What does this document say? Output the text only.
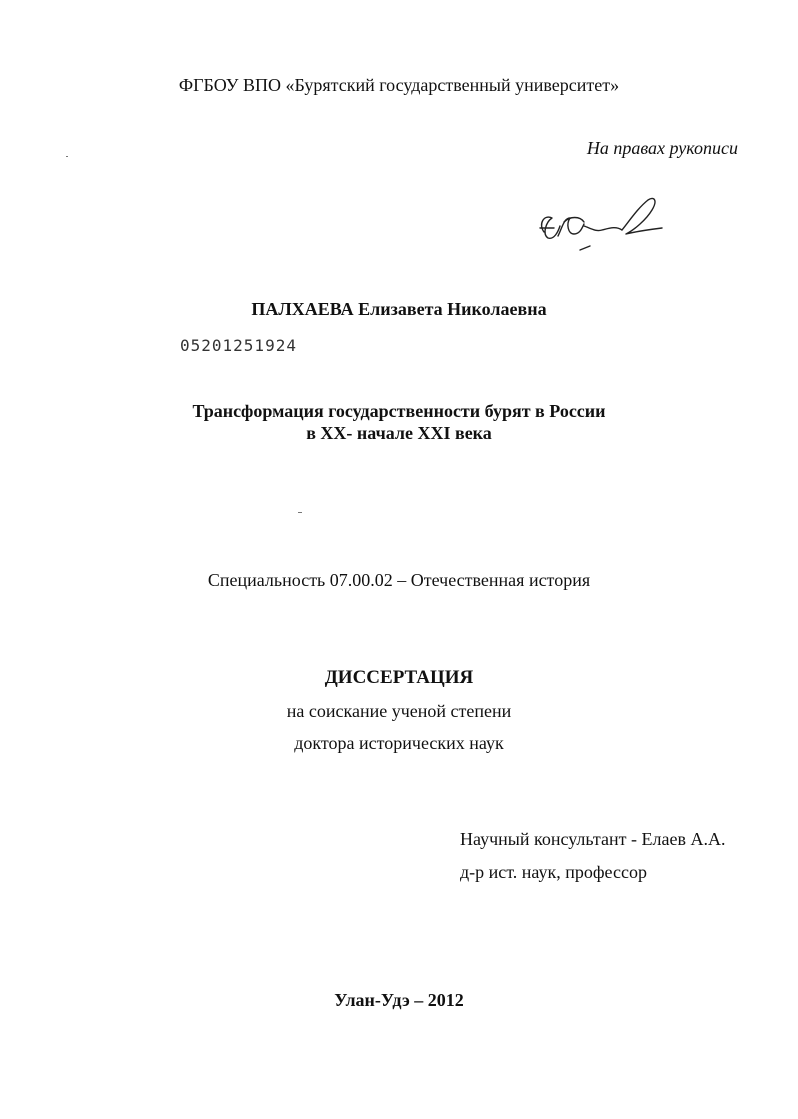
ФГБОУ ВПО «Бурятский государственный университет»
На правах рукописи
ПАЛХАЕВА Елизавета Николаевна
05201251924
Трансформация государственности бурят в России
в XX- начале XXI века
Специальность 07.00.02 – Отечественная история
ДИССЕРТАЦИЯ
на соискание ученой степени
доктора исторических наук
Научный консультант - Елаев А.А.
д-р ист. наук, профессор
Улан-Удэ – 2012
